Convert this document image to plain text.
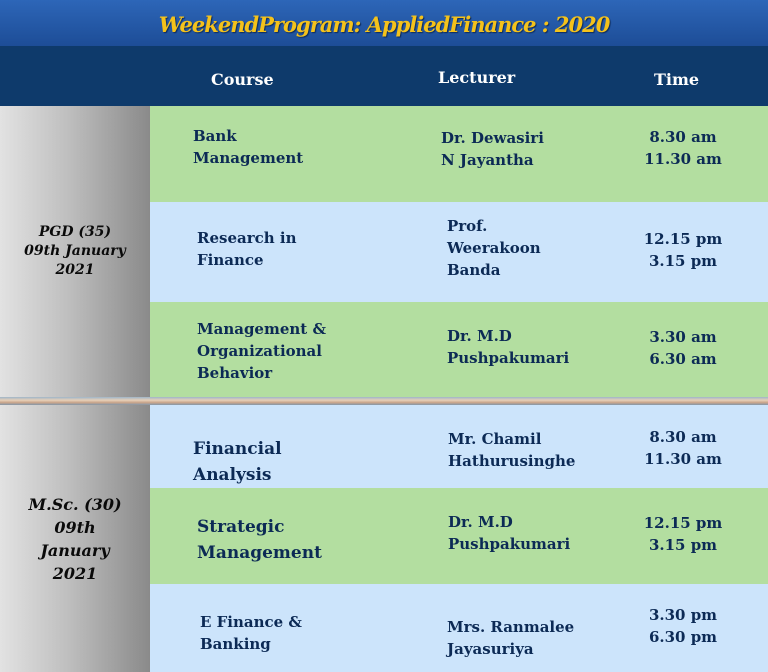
WeekendProgram: AppliedFinance : 2020
Course	Lecturer	Time
PGD (35)
09th January
2021
M.Sc. (30)
09th
January
2021
Bank
Management
Dr. Dewasiri
N Jayantha
8.30 am
11.30 am
Research in
Finance
Prof.
Weerakoon
Banda
12.15 pm
3.15 pm
Management &
Organizational
Behavior
Dr. M.D
Pushpakumari
3.30 am
6.30 am
Financial
Analysis
Mr. Chamil
Hathurusinghe
8.30 am
11.30 am
Strategic
Management
Dr. M.D
Pushpakumari
12.15 pm
3.15 pm
E Finance &
Banking
Mrs. Ranmalee
Jayasuriya
3.30 pm
6.30 pm
